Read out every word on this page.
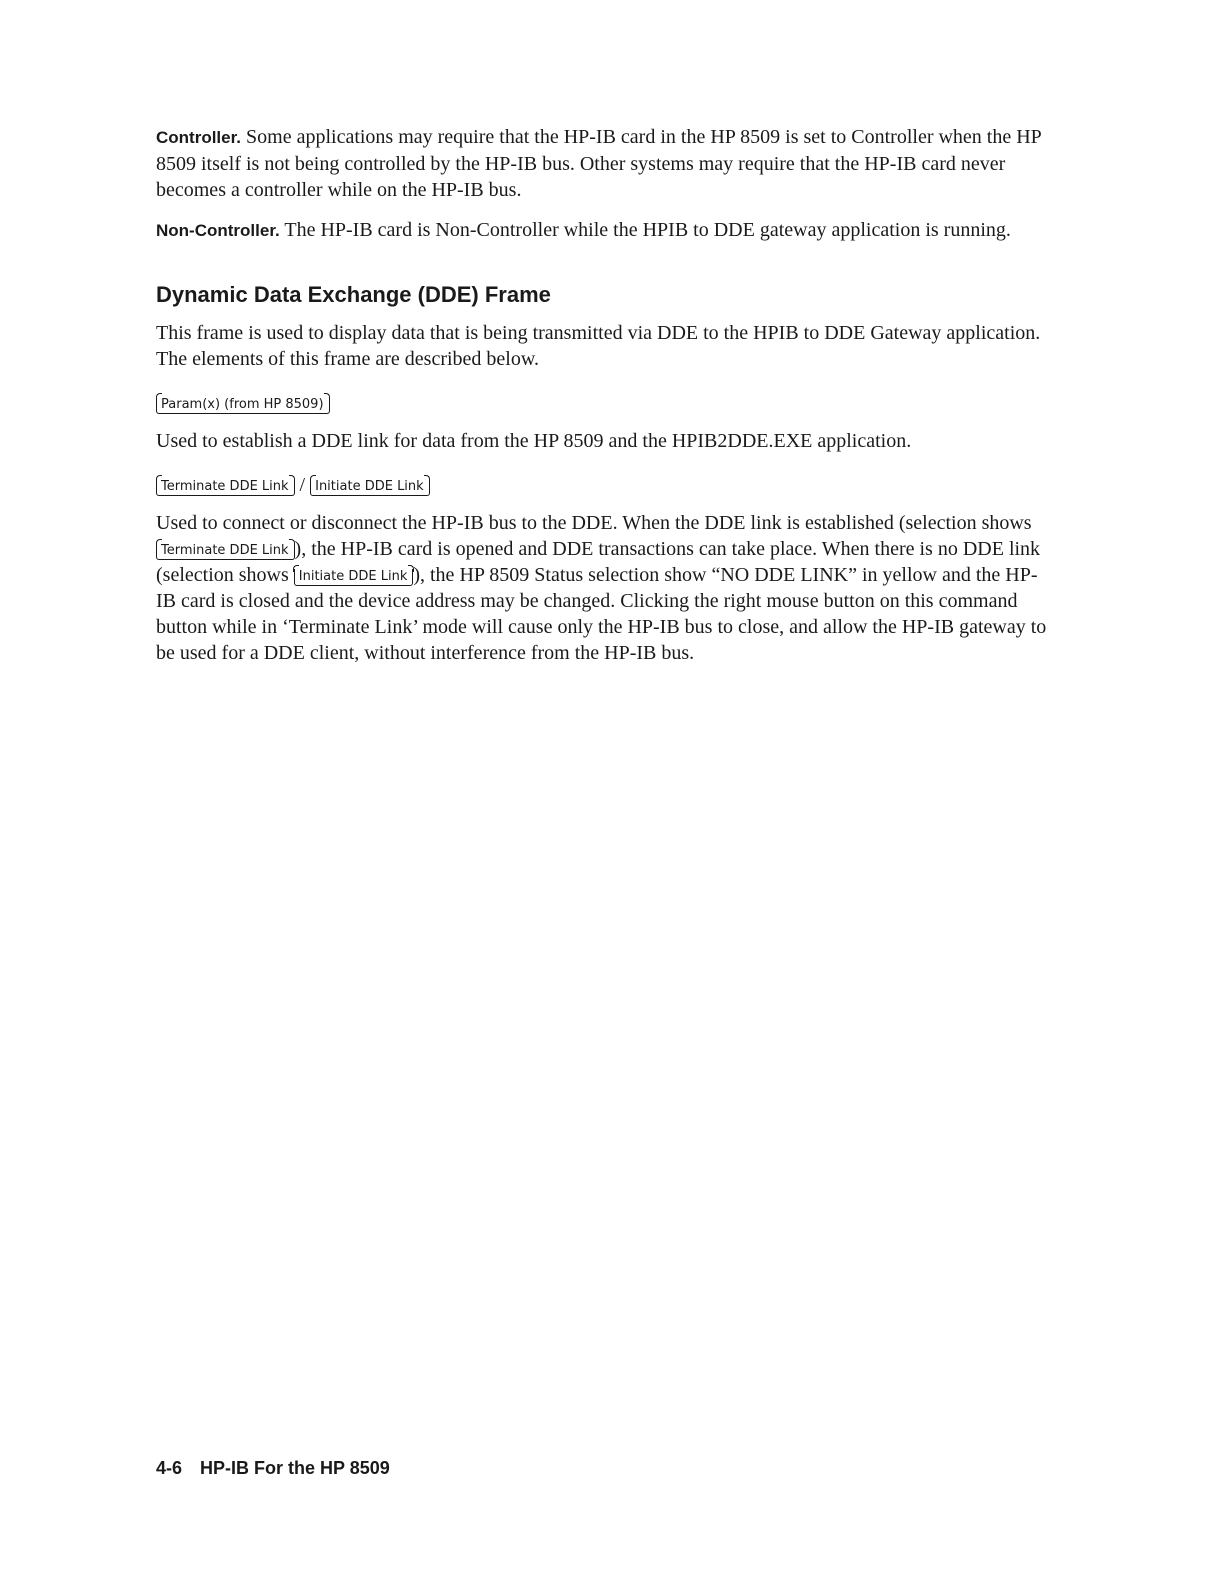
Controller. Some applications may require that the HP-IB card in the HP 8509 is set to Controller when the HP 8509 itself is not being controlled by the HP-IB bus. Other systems may require that the HP-IB card never becomes a controller while on the HP-IB bus.

Non-Controller. The HP-IB card is Non-Controller while the HPIB to DDE gateway application is running.

Dynamic Data Exchange (DDE) Frame

This frame is used to display data that is being transmitted via DDE to the HPIB to DDE Gateway application. The elements of this frame are described below.

Param(x) (from HP 8509)

Used to establish a DDE link for data from the HP 8509 and the HPIB2DDE.EXE application.

Terminate DDE Link / Initiate DDE Link

Used to connect or disconnect the HP-IB bus to the DDE. When the DDE link is established (selection shows Terminate DDE Link ), the HP-IB card is opened and DDE transactions can take place. When there is no DDE link (selection shows Initiate DDE Link ), the HP 8509 Status selection show “NO DDE LINK” in yellow and the HP-IB card is closed and the device address may be changed. Clicking the right mouse button on this command button while in ‘Terminate Link’ mode will cause only the HP-IB bus to close, and allow the HP-IB gateway to be used for a DDE client, without interference from the HP-IB bus.

4-6 HP-IB For the HP 8509
